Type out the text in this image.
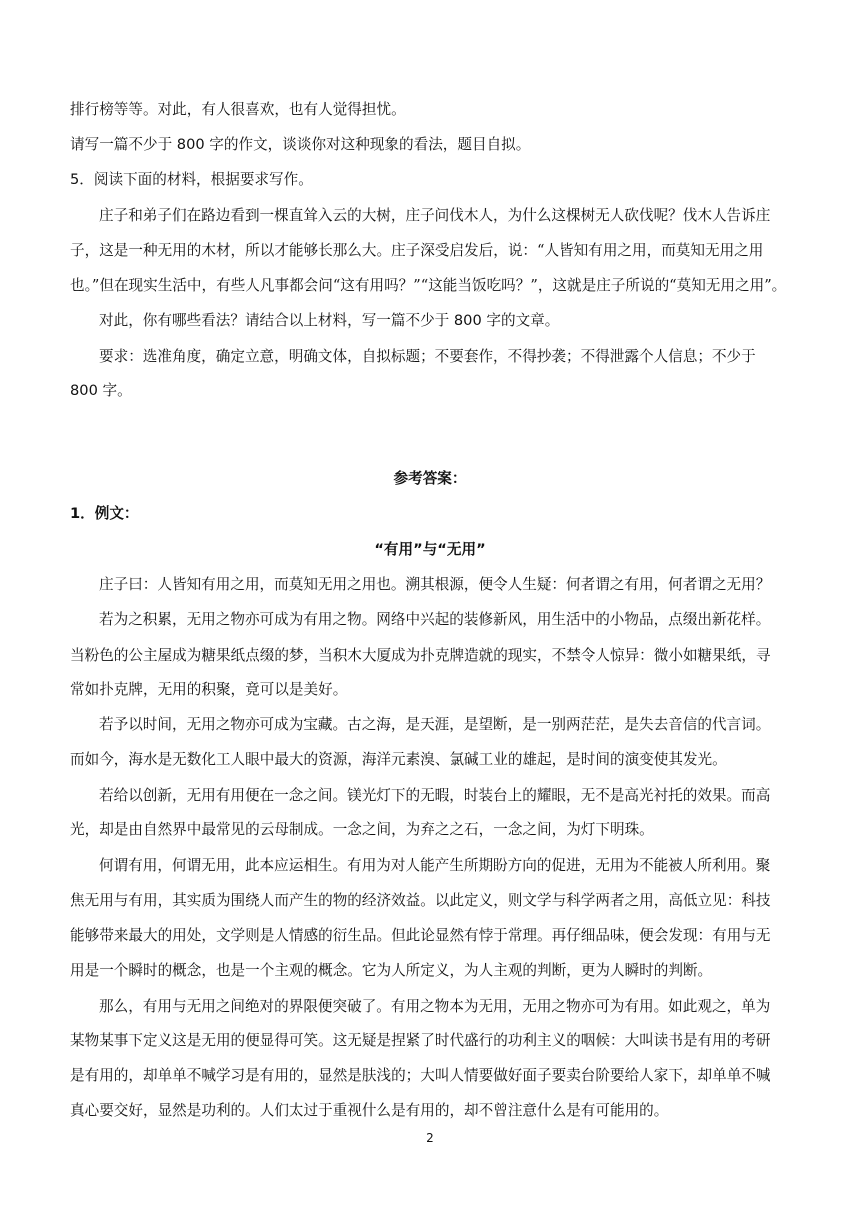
排行榜等等。对此，有人很喜欢，也有人觉得担忧。
请写一篇不少于 800 字的作文，谈谈你对这种现象的看法，题目自拟。
5．阅读下面的材料，根据要求写作。
庄子和弟子们在路边看到一棵直耸入云的大树，庄子问伐木人，为什么这棵树无人砍伐呢？伐木人告诉庄
子，这是一种无用的木材，所以才能够长那么大。庄子深受启发后，说：“人皆知有用之用，而莫知无用之用
也。”但在现实生活中，有些人凡事都会问“这有用吗？”“这能当饭吃吗？”，这就是庄子所说的“莫知无用之用”。
对此，你有哪些看法？请结合以上材料，写一篇不少于 800 字的文章。
要求：选准角度，确定立意，明确文体，自拟标题；不要套作，不得抄袭；不得泄露个人信息；不少于
800 字。
参考答案：
1．例文：
“有用”与“无用”
庄子曰：人皆知有用之用，而莫知无用之用也。溯其根源，便令人生疑：何者谓之有用，何者谓之无用？
若为之积累，无用之物亦可成为有用之物。网络中兴起的装修新风，用生活中的小物品，点缀出新花样。
当粉色的公主屋成为糖果纸点缀的梦，当积木大厦成为扑克牌造就的现实，不禁令人惊异：微小如糖果纸，寻
常如扑克牌，无用的积聚，竟可以是美好。
若予以时间，无用之物亦可成为宝藏。古之海，是天涯，是望断，是一别两茫茫，是失去音信的代言词。
而如今，海水是无数化工人眼中最大的资源，海洋元素溴、氯碱工业的雄起，是时间的演变使其发光。
若给以创新，无用有用便在一念之间。镁光灯下的无暇，时装台上的耀眼，无不是高光衬托的效果。而高
光，却是由自然界中最常见的云母制成。一念之间，为弃之之石，一念之间，为灯下明珠。
何谓有用，何谓无用，此本应运相生。有用为对人能产生所期盼方向的促进，无用为不能被人所利用。聚
焦无用与有用，其实质为围绕人而产生的物的经济效益。以此定义，则文学与科学两者之用，高低立见：科技
能够带来最大的用处，文学则是人情感的衍生品。但此论显然有悖于常理。再仔细品味，便会发现：有用与无
用是一个瞬时的概念，也是一个主观的概念。它为人所定义，为人主观的判断，更为人瞬时的判断。
那么，有用与无用之间绝对的界限便突破了。有用之物本为无用，无用之物亦可为有用。如此观之，单为
某物某事下定义这是无用的便显得可笑。这无疑是捏紧了时代盛行的功利主义的咽候：大叫读书是有用的考研
是有用的，却单单不喊学习是有用的，显然是肤浅的；大叫人情要做好面子要卖台阶要给人家下，却单单不喊
真心要交好，显然是功利的。人们太过于重视什么是有用的，却不曾注意什么是有可能用的。
2
